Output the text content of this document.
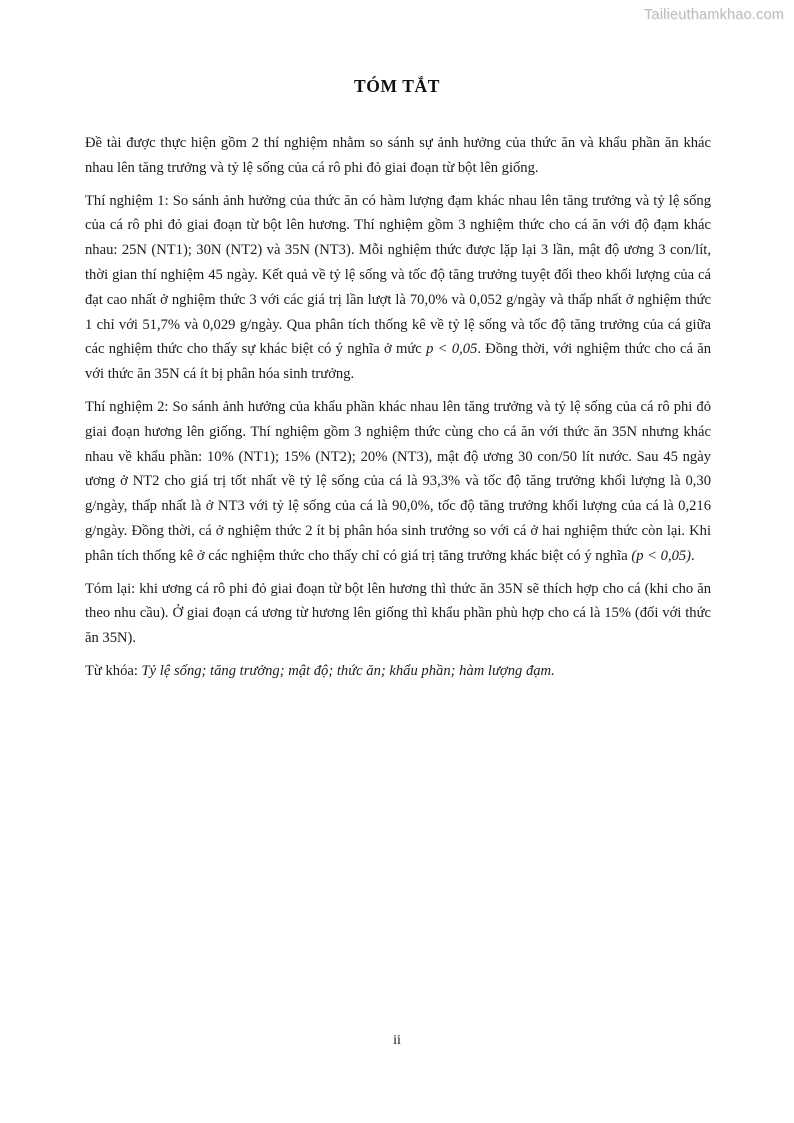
Tailieuthamkhao.com
TÓM TẮT

Đề tài được thực hiện gồm 2 thí nghiệm nhằm so sánh sự ảnh hưởng của thức ăn và khẩu phần ăn khác nhau lên tăng trưởng và tỷ lệ sống của cá rô phi đỏ giai đoạn từ bột lên giống.

Thí nghiệm 1: So sánh ảnh hưởng của thức ăn có hàm lượng đạm khác nhau lên tăng trưởng và tỷ lệ sống của cá rô phi đỏ giai đoạn từ bột lên hương. Thí nghiệm gồm 3 nghiệm thức cho cá ăn với độ đạm khác nhau: 25N (NT1); 30N (NT2) và 35N (NT3). Mỗi nghiệm thức được lặp lại 3 lần, mật độ ương 3 con/lít, thời gian thí nghiệm 45 ngày. Kết quả về tỷ lệ sống và tốc độ tăng trưởng tuyệt đối theo khối lượng của cá đạt cao nhất ở nghiệm thức 3 với các giá trị lần lượt là 70,0% và 0,052 g/ngày và thấp nhất ở nghiệm thức 1 chỉ với 51,7% và 0,029 g/ngày. Qua phân tích thống kê về tỷ lệ sống và tốc độ tăng trưởng của cá giữa các nghiệm thức cho thấy sự khác biệt có ý nghĩa ở mức p < 0,05. Đồng thời, với nghiệm thức cho cá ăn với thức ăn 35N cá ít bị phân hóa sinh trưởng.

Thí nghiệm 2: So sánh ảnh hưởng của khẩu phần khác nhau lên tăng trưởng và tỷ lệ sống của cá rô phi đỏ giai đoạn hương lên giống. Thí nghiệm gồm 3 nghiệm thức cùng cho cá ăn với thức ăn 35N nhưng khác nhau về khẩu phần: 10% (NT1); 15% (NT2); 20% (NT3), mật độ ương 30 con/50 lít nước. Sau 45 ngày ương ở NT2 cho giá trị tốt nhất về tỷ lệ sống của cá là 93,3% và tốc độ tăng trưởng khối lượng là 0,30 g/ngày, thấp nhất là ở NT3 với tỷ lệ sống của cá là 90,0%, tốc độ tăng trưởng khối lượng của cá là 0,216 g/ngày. Đồng thời, cá ở nghiệm thức 2 ít bị phân hóa sinh trưởng so với cá ở hai nghiệm thức còn lại. Khi phân tích thống kê ở các nghiệm thức cho thấy chỉ có giá trị tăng trưởng khác biệt có ý nghĩa (p < 0,05).

Tóm lại: khi ương cá rô phi đỏ giai đoạn từ bột lên hương thì thức ăn 35N sẽ thích hợp cho cá (khi cho ăn theo nhu cầu). Ở giai đoạn cá ương từ hương lên giống thì khẩu phần phù hợp cho cá là 15% (đối với thức ăn 35N).

Từ khóa: Tỷ lệ sống; tăng trưởng; mật độ; thức ăn; khẩu phần; hàm lượng đạm.

ii
